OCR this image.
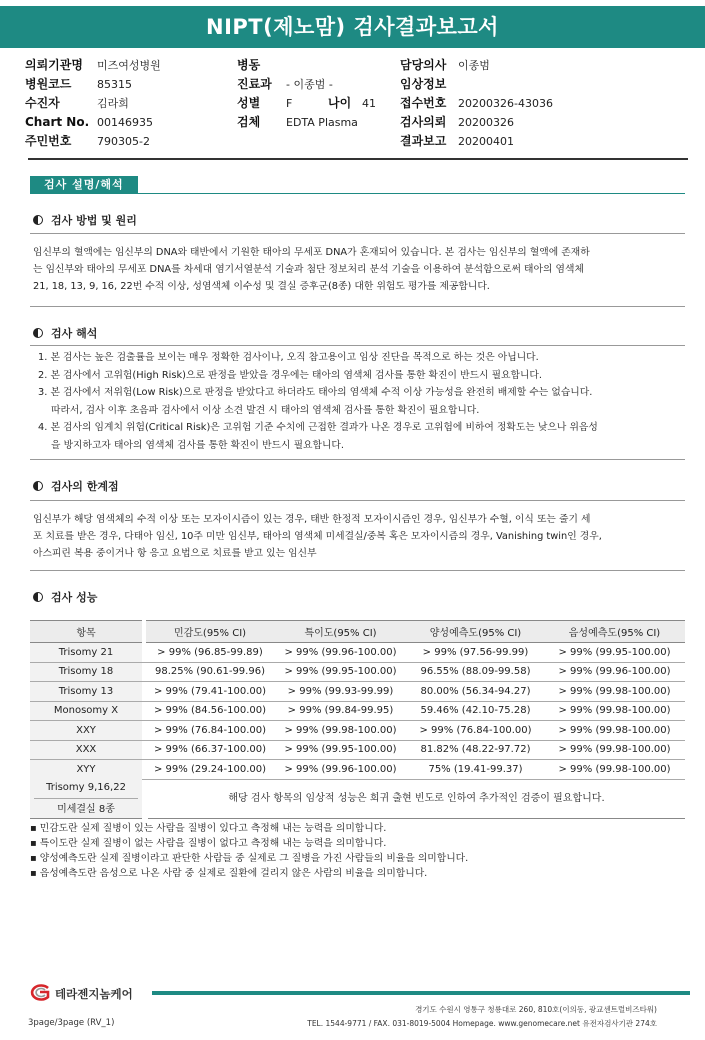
NIPT(제노맘) 검사결과보고서
의뢰기관명 미즈여성병원
병원코드 85315
수진자	김라희
Chart No. 00146935
주민번호 790305-2
병동
진료과 - 이종범 -
성별 F	나이 41
검체 EDTA Plasma
담당의사 이종범
임상정보
접수번호 20200326-43036
검사의뢰 20200326
결과보고 20200401
검사 설명/해석
검사 방법 및 원리

임신부의 혈액에는 임신부의 DNA와 태반에서 기원한 태아의 무세포 DNA가 혼재되어 있습니다. 본 검사는 임신부의 혈액에 존재하

는 임신부와 태아의 무세포 DNA를 차세대 염기서열분석 기술과 첨단 정보처리 분석 기술을 이용하여 분석함으로써 태아의 염색체

21, 18, 13, 9, 16, 22번 수적 이상, 성염색체 이수성 및 결실 증후군(8종) 대한 위험도 평가를 제공합니다.

검사 해석
1. 본 검사는 높은 검출률을 보이는 매우 정확한 검사이나, 오직 참고용이고 임상 진단을 목적으로 하는 것은 아닙니다.
2. 본 검사에서 고위험(High Risk)으로 판정을 받았을 경우에는 태아의 염색체 검사를 통한 확진이 반드시 필요합니다.
3. 본 검사에서 저위험(Low Risk)으로 판정을 받았다고 하더라도 태아의 염색체 수적 이상 가능성을 완전히 배제할 수는 없습니다.
따라서, 검사 이후 초음파 검사에서 이상 소견 발견 시 태아의 염색체 검사를 통한 확진이 필요합니다.
4. 본 검사의 임계치 위험(Critical Risk)은 고위험 기준 수치에 근접한 결과가 나온 경우로 고위험에 비하여 정확도는 낮으나 위음성
을 방지하고자 태아의 염색체 검사를 통한 확진이 반드시 필요합니다.
검사의 한계점

임신부가 해당 염색체의 수적 이상 또는 모자이시즘이 있는 경우, 태반 한정적 모자이시즘인 경우, 임신부가 수혈, 이식 또는 줄기 세

포 치료를 받은 경우, 다태아 임신, 10주 미만 임신부, 태아의 염색체 미세결실/중복 혹은 모자이시즘의 경우, Vanishing twin인 경우,

아스피린 복용 중이거나 항 응고 요법으로 치료를 받고 있는 임신부

검사 성능
항목		민감도(95% CI)	특이도(95% CI)	양성예측도(95% CI)	음성예측도(95% CI)
Trisomy 21		> 99% (96.85-99.89)	> 99% (99.96-100.00)	> 99% (97.56-99.99)	> 99% (99.95-100.00)
Trisomy 18		98.25% (90.61-99.96)	> 99% (99.95-100.00)	96.55% (88.09-99.58)	> 99% (99.96-100.00)
Trisomy 13		> 99% (79.41-100.00)	> 99% (99.93-99.99)	80.00% (56.34-94.27)	> 99% (99.98-100.00)
Monosomy X		> 99% (84.56-100.00)	> 99% (99.84-99.95)	59.46% (42.10-75.28)	> 99% (99.98-100.00)
XXY		> 99% (76.84-100.00)	> 99% (99.98-100.00)	> 99% (76.84-100.00)	> 99% (99.98-100.00)
XXX		> 99% (66.37-100.00)	> 99% (99.95-100.00)	81.82% (48.22-97.72)	> 99% (99.98-100.00)
XYY		> 99% (29.24-100.00)	> 99% (99.96-100.00)	75% (19.41-99.37)	> 99% (99.98-100.00)
Trisomy 9,16,22
미세결실 8종
해당 검사 항목의 임상적 성능은 희귀 출현 빈도로 인하여 추가적인 검증이 필요합니다.
▪ 민감도란 실제 질병이 있는 사람을 질병이 있다고 측정해 내는 능력을 의미합니다.
▪ 특이도란 실제 질병이 없는 사람을 질병이 없다고 측정해 내는 능력을 의미합니다.
▪ 양성예측도란 실제 질병이라고 판단한 사람들 중 실제로 그 질병을 가진 사람들의 비율을 의미합니다.
▪ 음성예측도란 음성으로 나온 사람 중 실제로 질환에 걸리지 않은 사람의 비율을 의미합니다.
테라젠지놈케어
경기도 수원시 영통구 청룡대로 260, 810호(이의동, 광교센트럴비즈타워)
TEL. 1544-9771 / FAX. 031-8019-5004 Homepage. www.genomecare.net 유전자검사기관 274호
3page/3page (RV_1)
